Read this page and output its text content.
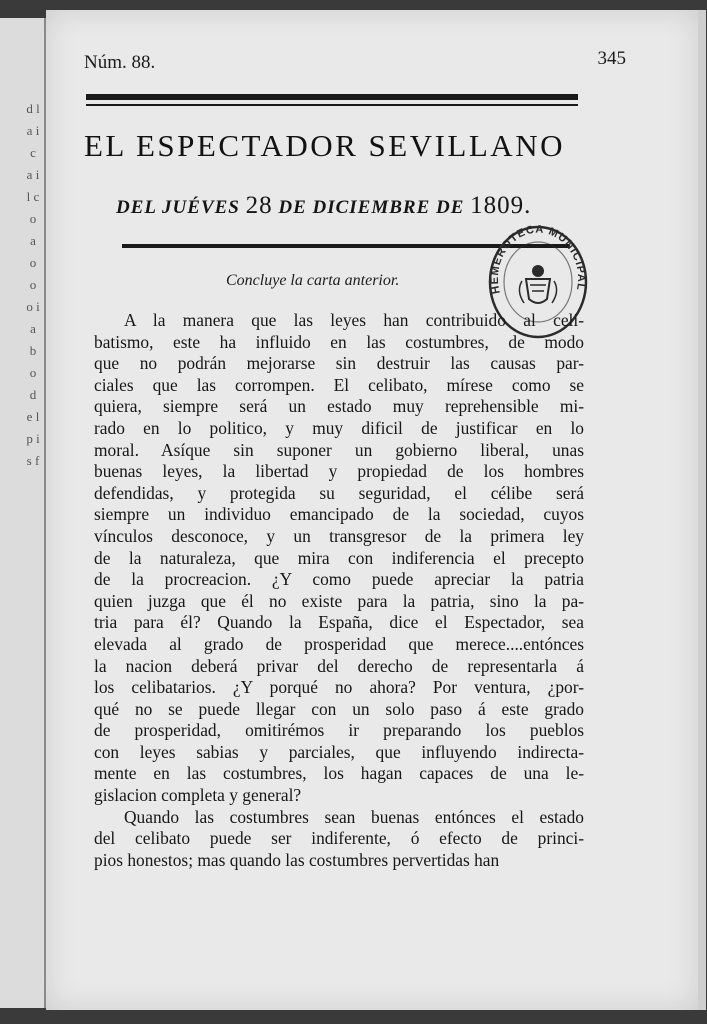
d l a i c a i l c o a o o o i a b o d e l p i s f
Núm. 88.	345
EL ESPECTADOR SEVILLANO
DEL JUÉVES 28 DE DICIEMBRE DE 1809.
Concluye la carta anterior.
HEMEROTECA MUNICIPAL
A la manera que las leyes han contribuido al celi-
batismo, este ha influido en las costumbres, de modo
que no podrán mejorarse sin destruir las causas par-
ciales que las corrompen. El celibato, mírese como se
quiera, siempre será un estado muy reprehensible mi-
rado en lo politico, y muy dificil de justificar en lo
moral. Asíque sin suponer un gobierno liberal, unas
buenas leyes, la libertad y propiedad de los hombres
defendidas, y protegida su seguridad, el célibe será
siempre un individuo emancipado de la sociedad, cuyos
vínculos desconoce, y un transgresor de la primera ley
de la naturaleza, que mira con indiferencia el precepto
de la procreacion. ¿Y como puede apreciar la patria
quien juzga que él no existe para la patria, sino la pa-
tria para él? Quando la España, dice el Espectador, sea
elevada al grado de prosperidad que merece....entónces
la nacion deberá privar del derecho de representarla á
los celibatarios. ¿Y porqué no ahora? Por ventura, ¿por-
qué no se puede llegar con un solo paso á este grado
de prosperidad, omitirémos ir preparando los pueblos
con leyes sabias y parciales, que influyendo indirecta-
mente en las costumbres, los hagan capaces de una le-
gislacion completa y general?
Quando las costumbres sean buenas entónces el estado
del celibato puede ser indiferente, ó efecto de princi-
pios honestos; mas quando las costumbres pervertidas han
